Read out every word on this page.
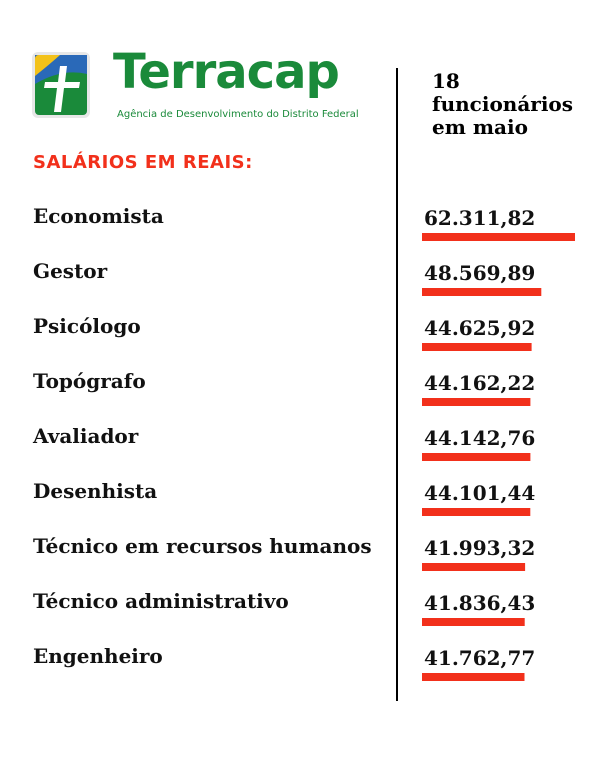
Terracap
Agência de Desenvolvimento do Distrito Federal
SALÁRIOS EM REAIS:
18
funcionários
em maio
Economista	62.311,82
Gestor	48.569,89
Psicólogo	44.625,92
Topógrafo	44.162,22
Avaliador	44.142,76
Desenhista	44.101,44
Técnico em recursos humanos	41.993,32
Técnico administrativo	41.836,43
Engenheiro	41.762,77
